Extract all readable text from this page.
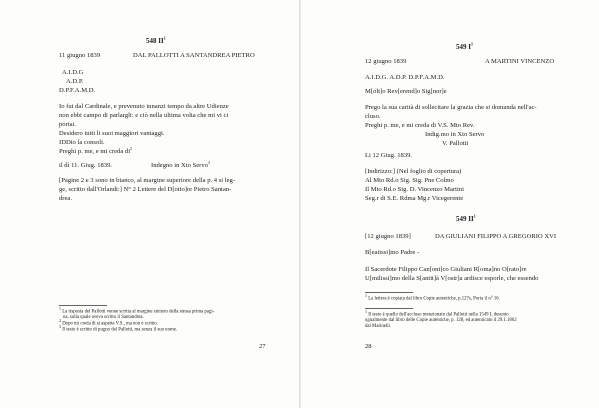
548 $II^1$
11 giugno 1839	DAL PALLOTTI A SANTANDREA PIETRO
A.I.D.G
A.D.P.
D.P.F.A.M.D.
Io fui dal Cardinale, e prevenuto innanzi tempo da altre Udienze
non ebbi campo di parlargli: e ciò nella ultima volta che mi vi ci
portai.
Desidero tutti li suoi maggiori vantaggi.
IDDio la consoli.
Preghi p. me, e mi creda $di^2$
il dì 11. Giug. 1839.	Indegno in Xto Servo$^3$
[Pagine 2 e 3 sono in bianco, al margine superiore della p. 4 si leg-
ge, scritto dall'Orlandi:] N° 2 Lettere del D[otto]re Pietro Santan-
drea.
$^1$ La risposta del Pallotti venne scritta al margine sinistro della stessa prima pagi-
na, sulla quale aveva scritto il Santandrea.
$^2$ Dopo mi creda di si aspetta V.S., ma non è scritto.
$^3$ Il testo è scritto di pugno del Pallotti, ma senza il suo nome.
27
549 $I^1$
12 giugno 1839	A MARTINI VINCENZO
A.I.D.G. A.D.P. D.P.F.A.M.D.
M[olt]o Rev[erend]o Sig[nor]e
Prego la sua carità di sollecitare la grazia che si domanda nell'ac-
cluso.
Preghi p. me, e mi creda di V.S. Mto Rev.
Indig.mo in Xto Servo
V. Pallotti
Li 12 Giug. 1839.
[Indirizzo:] (Nel foglio di copertura)
Al Mto Rd.o Sig. Sig. Pne Colmo
Il Mto Rd.o Sig. D. Vincenzo Martini
Seg.r di S.E. Rdma Mg.r Vicegerente
549 $II^1$
[12 giugno 1839]	DA GIULIANI FILIPPO A GREGORIO XVI
B[eatissi]mo Padre -
Il Sacerdote Filippo Can[oni]co Giuliani R[oma]no O[rato]re
U[milissi]mo della S[antit]à V[ostr]a ardisce esporle, che essendo
$^1$ La lettera è copiata dal libro Copie autentiche, p.127s, Porta il n° 16.
$^1$ Il testo è quello dell'accluso menzionato dal Pallotti nella 1549 I, desunto
ugualmente dal libro delle Copie autentiche, p. 128, ed autenticato il 29.1.1862
dal Marinelli.
28
